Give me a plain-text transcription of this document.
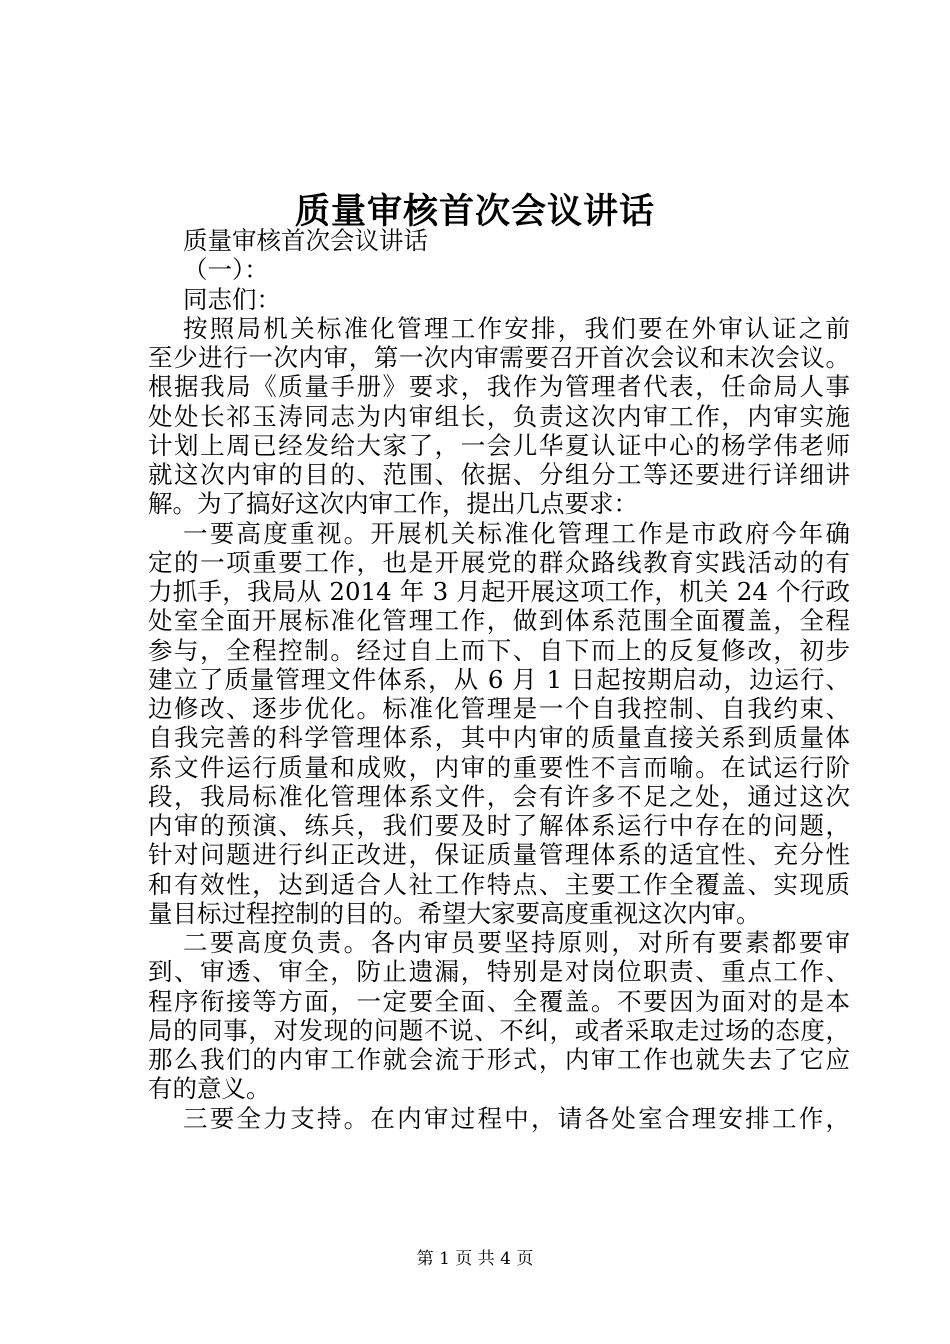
质量审核首次会议讲话
质量审核首次会议讲话
（一）：
同志们：
按照局机关标准化管理工作安排，我们要在外审认证之前
至少进行一次内审，第一次内审需要召开首次会议和末次会议。
根据我局《质量手册》要求，我作为管理者代表，任命局人事
处处长祁玉涛同志为内审组长，负责这次内审工作，内审实施
计划上周已经发给大家了，一会儿华夏认证中心的杨学伟老师
就这次内审的目的、范围、依据、分组分工等还要进行详细讲
解。为了搞好这次内审工作，提出几点要求：
一要高度重视。开展机关标准化管理工作是市政府今年确
定的一项重要工作，也是开展党的群众路线教育实践活动的有
力抓手，我局从 2014 年 3 月起开展这项工作，机关 24 个行政
处室全面开展标准化管理工作，做到体系范围全面覆盖，全程
参与，全程控制。经过自上而下、自下而上的反复修改，初步
建立了质量管理文件体系，从 6 月 1 日起按期启动，边运行、
边修改、逐步优化。标准化管理是一个自我控制、自我约束、
自我完善的科学管理体系，其中内审的质量直接关系到质量体
系文件运行质量和成败，内审的重要性不言而喻。在试运行阶
段，我局标准化管理体系文件，会有许多不足之处，通过这次
内审的预演、练兵，我们要及时了解体系运行中存在的问题，
针对问题进行纠正改进，保证质量管理体系的适宜性、充分性
和有效性，达到适合人社工作特点、主要工作全覆盖、实现质
量目标过程控制的目的。希望大家要高度重视这次内审。
二要高度负责。各内审员要坚持原则，对所有要素都要审
到、审透、审全，防止遗漏，特别是对岗位职责、重点工作、
程序衔接等方面，一定要全面、全覆盖。不要因为面对的是本
局的同事，对发现的问题不说、不纠，或者采取走过场的态度，
那么我们的内审工作就会流于形式，内审工作也就失去了它应
有的意义。
三要全力支持。在内审过程中，请各处室合理安排工作，
第 1 页 共 4 页
